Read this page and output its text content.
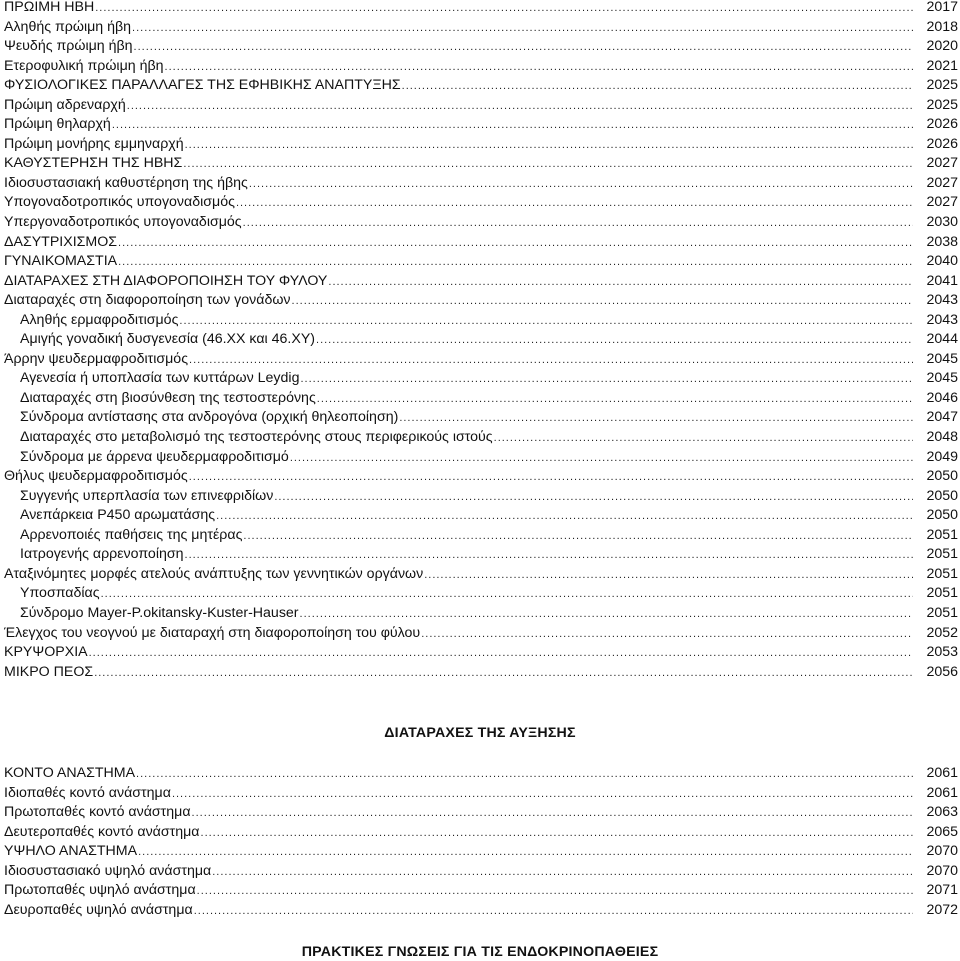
ΠΡΩΙΜΗ ΗΒΗ .....	2017
Αληθής πρώιμη ήβη .....	2018
Ψευδής πρώιμη ήβη .....	2020
Ετεροφυλική πρώιμη ήβη .....	2021
ΦΥΣΙΟΛΟΓΙΚΕΣ ΠΑΡΑΛΛΑΓΕΣ ΤΗΣ ΕΦΗΒΙΚΗΣ ΑΝΑΠΤΥΞΗΣ .....	2025
Πρώιμη αδρεναρχή .....	2025
Πρώιμη θηλαρχή .....	2026
Πρώιμη μονήρης εμμηναρχή .....	2026
ΚΑΘΥΣΤΕΡΗΣΗ ΤΗΣ ΗΒΗΣ .....	2027
Ιδιοσυστασιακή καθυστέρηση της ήβης .....	2027
Υπογοναδοτροπικός υπογοναδισμός .....	2027
Υπεργοναδοτροπικός υπογοναδισμός .....	2030
ΔΑΣΥΤΡΙΧΙΣΜΟΣ .....	2038
ΓΥΝΑΙΚΟΜΑΣΤΙΑ .....	2040
ΔΙΑΤΑΡΑΧΕΣ ΣΤΗ ΔΙΑΦΟΡΟΠΟΙΗΣΗ ΤΟΥ ΦΥΛΟΥ .....	2041
Διαταραχές στη διαφοροποίηση των γονάδων .....	2043
Αληθής ερμαφροδιτισμός .....	2043
Αμιγής γοναδική δυσγενεσία (46.XX και 46.XY) .....	2044
Άρρην ψευδερμαφροδιτισμός .....	2045
Αγενεσία ή υποπλασία των κυττάρων Leydig .....	2045
Διαταραχές στη βιοσύνθεση της τεστοστερόνης .....	2046
Σύνδρομα αντίστασης στα ανδρογόνα (ορχική θηλεοποίηση) .....	2047
Διαταραχές στο μεταβολισμό της τεστοστερόνης στους περιφερικούς ιστούς .....	2048
Σύνδρομα με άρρενα ψευδερμαφροδιτισμό .....	2049
Θήλυς ψευδερμαφροδιτισμός .....	2050
Συγγενής υπερπλασία των επινεφριδίων .....	2050
Ανεπάρκεια P450 αρωματάσης .....	2050
Αρρενοποιές παθήσεις της μητέρας .....	2051
Ιατρογενής αρρενοποίηση .....	2051
Αταξινόμητες μορφές ατελούς ανάπτυξης των γεννητικών οργάνων .....	2051
Υποσπαδίας .....	2051
Σύνδρομο Mayer-P.okitansky-Kuster-Hauser .....	2051
Έλεγχος του νεογνού με διαταραχή στη διαφοροποίηση του φύλου .....	2052
ΚΡΥΨΟΡΧΙΑ .....	2053
ΜΙΚΡΟ ΠΕΟΣ .....	2056
ΔΙΑΤΑΡΑΧΕΣ ΤΗΣ ΑΥΞΗΣΗΣ
ΚΟΝΤΟ ΑΝΑΣΤΗΜΑ .....	2061
Ιδιοπαθές κοντό ανάστημα .....	2061
Πρωτοπαθές κοντό ανάστημα .....	2063
Δευτεροπαθές κοντό ανάστημα .....	2065
ΥΨΗΛΟ ΑΝΑΣΤΗΜΑ .....	2070
Ιδιοσυστασιακό υψηλό ανάστημα .....	2070
Πρωτοπαθές υψηλό ανάστημα .....	2071
Δευροπαθές υψηλό ανάστημα .....	2072
ΠΡΑΚΤΙΚΕΣ ΓΝΩΣΕΙΣ ΓΙΑ ΤΙΣ ΕΝΔΟΚΡΙΝΟΠΑΘΕΙΕΣ
